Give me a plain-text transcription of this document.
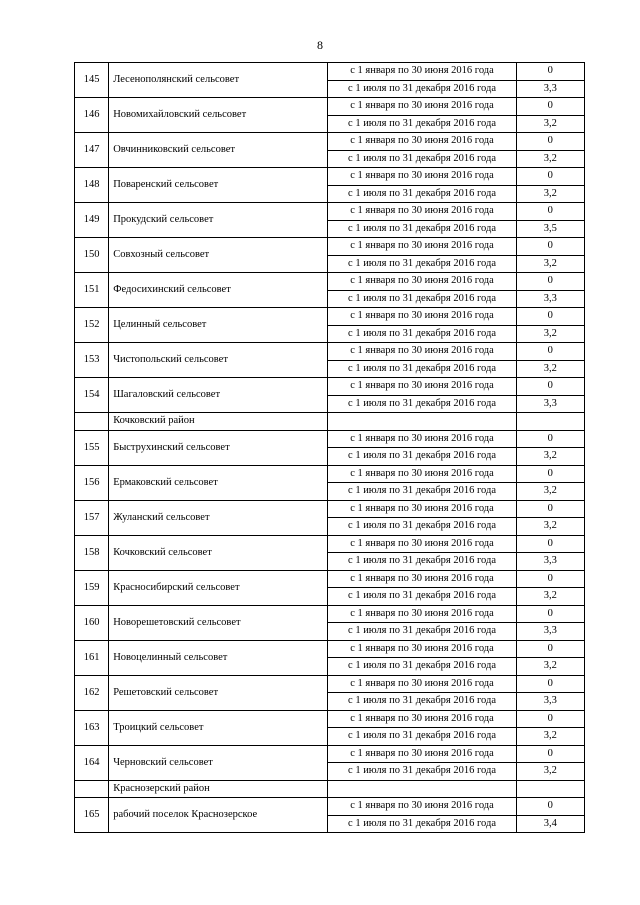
8
145	Лесенополянский сельсовет	с 1 января по 30 июня 2016 года	0
		с 1 июля по 31 декабря 2016 года	3,3
146	Новомихайловский сельсовет	с 1 января по 30 июня 2016 года	0
		с 1 июля по 31 декабря 2016 года	3,2
147	Овчинниковский сельсовет	с 1 января по 30 июня 2016 года	0
		с 1 июля по 31 декабря 2016 года	3,2
148	Поваренский сельсовет	с 1 января по 30 июня 2016 года	0
		с 1 июля по 31 декабря 2016 года	3,2
149	Прокудский сельсовет	с 1 января по 30 июня 2016 года	0
		с 1 июля по 31 декабря 2016 года	3,5
150	Совхозный сельсовет	с 1 января по 30 июня 2016 года	0
		с 1 июля по 31 декабря 2016 года	3,2
151	Федосихинский сельсовет	с 1 января по 30 июня 2016 года	0
		с 1 июля по 31 декабря 2016 года	3,3
152	Целинный сельсовет	с 1 января по 30 июня 2016 года	0
		с 1 июля по 31 декабря 2016 года	3,2
153	Чистопольский сельсовет	с 1 января по 30 июня 2016 года	0
		с 1 июля по 31 декабря 2016 года	3,2
154	Шагаловский сельсовет	с 1 января по 30 июня 2016 года	0
		с 1 июля по 31 декабря 2016 года	3,3
	Кочковский район		
155	Быструхинский сельсовет	с 1 января по 30 июня 2016 года	0
		с 1 июля по 31 декабря 2016 года	3,2
156	Ермаковский сельсовет	с 1 января по 30 июня 2016 года	0
		с 1 июля по 31 декабря 2016 года	3,2
157	Жуланский сельсовет	с 1 января по 30 июня 2016 года	0
		с 1 июля по 31 декабря 2016 года	3,2
158	Кочковский сельсовет	с 1 января по 30 июня 2016 года	0
		с 1 июля по 31 декабря 2016 года	3,3
159	Красносибирский сельсовет	с 1 января по 30 июня 2016 года	0
		с 1 июля по 31 декабря 2016 года	3,2
160	Новорешетовский сельсовет	с 1 января по 30 июня 2016 года	0
		с 1 июля по 31 декабря 2016 года	3,3
161	Новоцелинный сельсовет	с 1 января по 30 июня 2016 года	0
		с 1 июля по 31 декабря 2016 года	3,2
162	Решетовский сельсовет	с 1 января по 30 июня 2016 года	0
		с 1 июля по 31 декабря 2016 года	3,3
163	Троицкий сельсовет	с 1 января по 30 июня 2016 года	0
		с 1 июля по 31 декабря 2016 года	3,2
164	Черновский сельсовет	с 1 января по 30 июня 2016 года	0
		с 1 июля по 31 декабря 2016 года	3,2
	Краснозерский район		
165	рабочий поселок Краснозерское	с 1 января по 30 июня 2016 года	0
		с 1 июля по 31 декабря 2016 года	3,4
